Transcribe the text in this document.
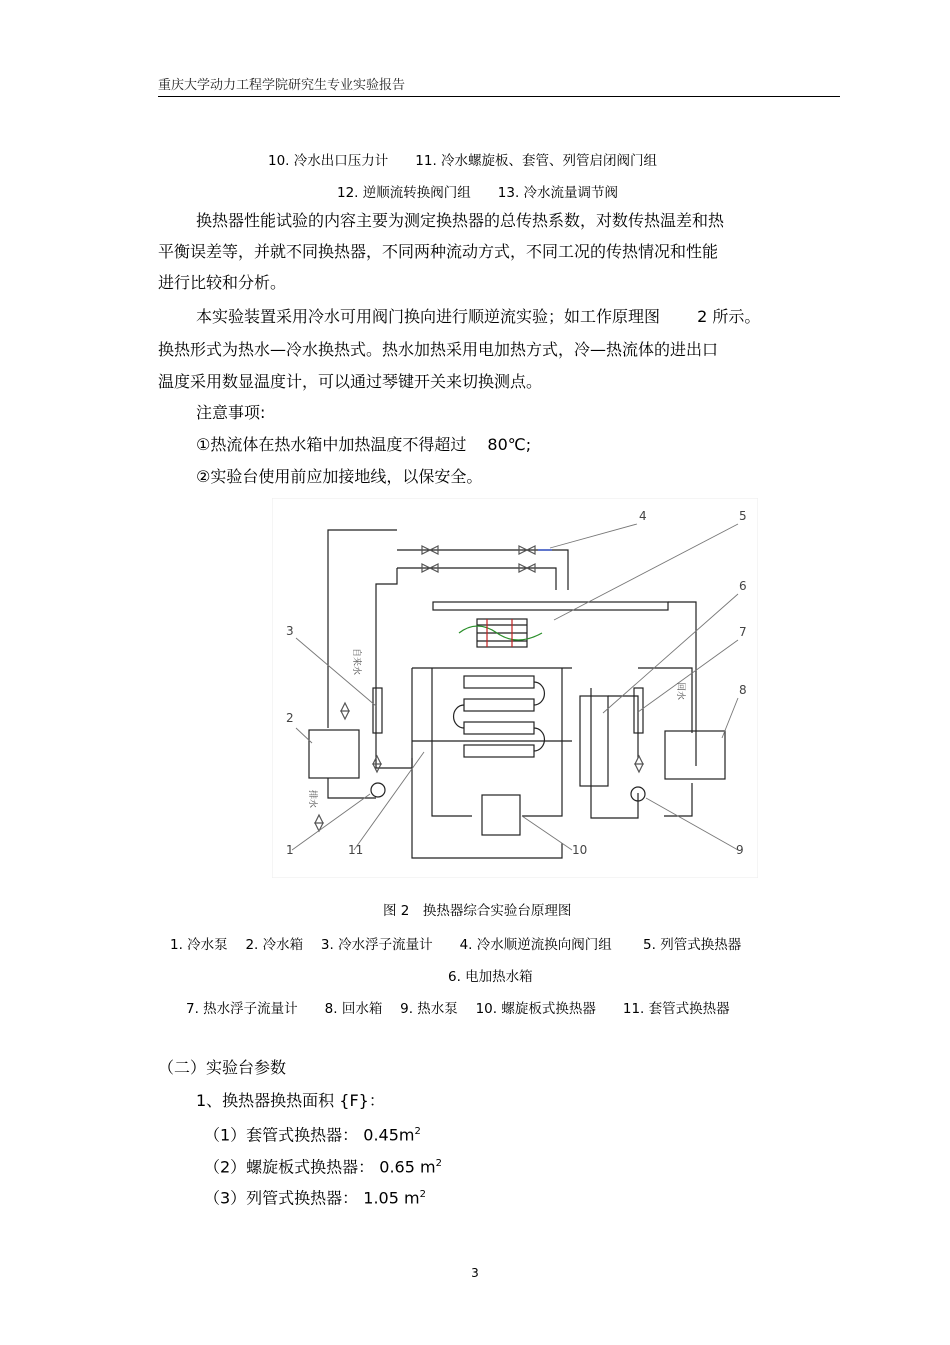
重庆大学动力工程学院研究生专业实验报告
10. 冷水出口压力计　　11. 冷水螺旋板、套管、列管启闭阀门组
12. 逆顺流转换阀门组　　13. 冷水流量调节阀
换热器性能试验的内容主要为测定换热器的总传热系数，对数传热温差和热
平衡误差等，并就不同换热器，不同两种流动方式，不同工况的传热情况和性能
进行比较和分析。
本实验装置采用冷水可用阀门换向进行顺逆流实验；如工作原理图　　 2 所示。
换热形式为热水—冷水换热式。热水加热采用电加热方式，冷—热流体的进出口
温度采用数显温度计，可以通过琴键开关来切换测点。
注意事项:
①热流体在热水箱中加热温度不得超过　 80℃;
②实验台使用前应加接地线，以保安全。
1
2
3
4	5
6
7
8
9
10
11
自来水
回水
排水
图 2　换热器综合实验台原理图
1. 冷水泵　 2. 冷水箱　 3. 冷水浮子流量计　　4. 冷水顺逆流换向阀门组　　 5. 列管式换热器
6. 电加热水箱
7. 热水浮子流量计　　8. 回水箱　 9. 热水泵　 10. 螺旋板式换热器　　11. 套管式换热器
（二）实验台参数
1、换热器换热面积 {F}：
（1）套管式换热器： $0.45m^2$
（2）螺旋板式换热器： 0.65 $m^2$
（3）列管式换热器： 1.05 $m^2$
3
